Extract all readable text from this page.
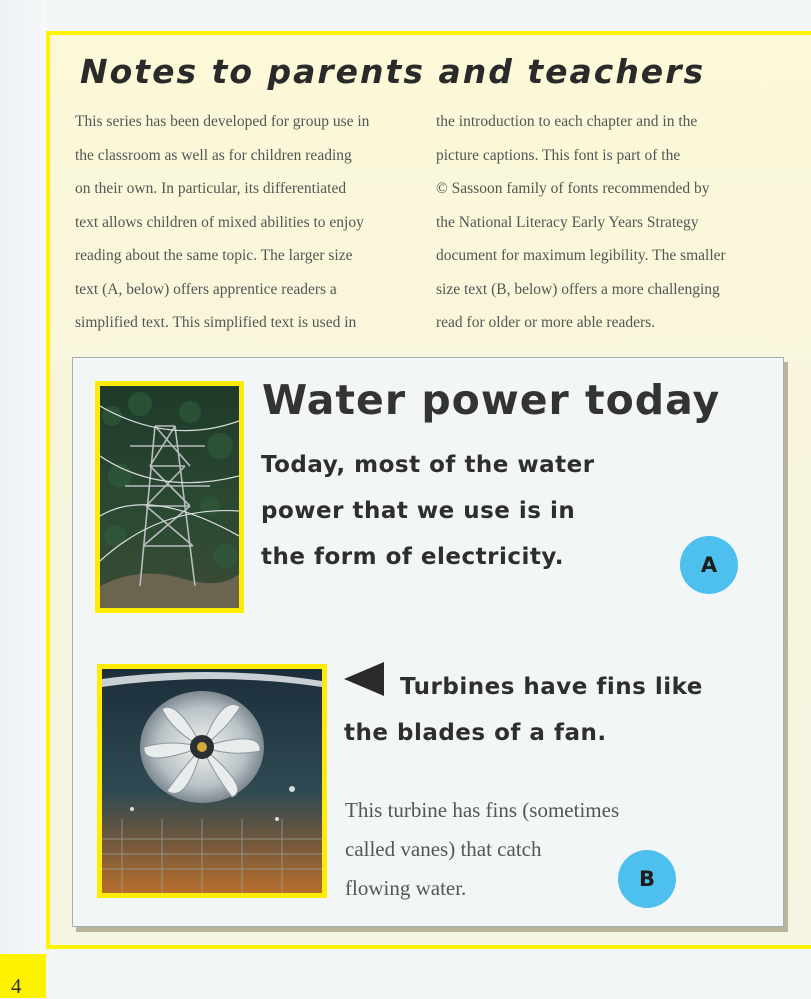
Notes to parents and teachers

This series has been developed for group use in
the classroom as well as for children reading
on their own. In particular, its differentiated
text allows children of mixed abilities to enjoy
reading about the same topic. The larger size
text (A, below) offers apprentice readers a
simplified text. This simplified text is used in

the introduction to each chapter and in the
picture captions. This font is part of the
© Sassoon family of fonts recommended by
the National Literacy Early Years Strategy
document for maximum legibility. The smaller
size text (B, below) offers a more challenging
read for older or more able readers.

Water power today

Today, most of the water
power that we use is in
the form of electricity.	A

Turbines have fins like
the blades of a fan.

This turbine has fins (sometimes
called vanes) that catch
flowing water.	B
4
